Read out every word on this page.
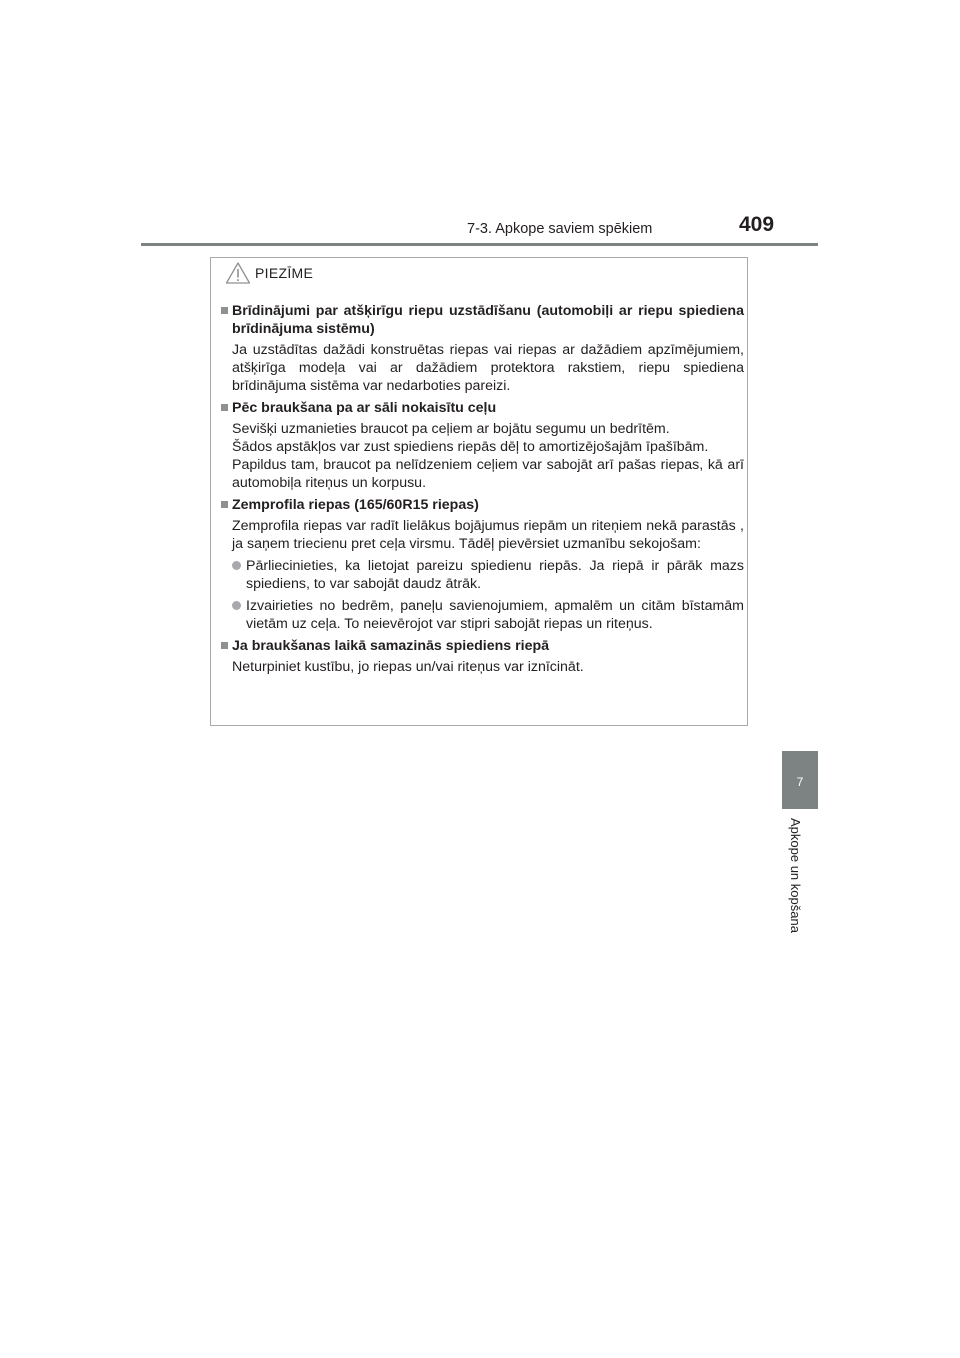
7-3. Apkope saviem spēkiem	409
7
Apkope un kopšana
PIEZĪME
Brīdinājumi par atšķirīgu riepu uzstādīšanu (automobiļi ar riepu spiediena brīdinājuma sistēmu)
Ja uzstādītas dažādi konstruētas riepas vai riepas ar dažādiem apzīmējumiem, atšķirīga modeļa vai ar dažādiem protektora rakstiem, riepu spiediena brīdinājuma sistēma var nedarboties pareizi.
Pēc braukšana pa ar sāli nokaisītu ceļu
Sevišķi uzmanieties braucot pa ceļiem ar bojātu segumu un bedrītēm.
Šādos apstākļos var zust spiediens riepās dēļ to amortizējošajām īpašībām.
Papildus tam, braucot pa nelīdzeniem ceļiem var sabojāt arī pašas riepas, kā arī automobiļa riteņus un korpusu.
Zemprofila riepas (165/60R15 riepas)
Zemprofila riepas var radīt lielākus bojājumus riepām un riteņiem nekā parastās , ja saņem triecienu pret ceļa virsmu. Tādēļ pievērsiet uzmanību sekojošam:
Pārliecinieties, ka lietojat pareizu spiedienu riepās. Ja riepā ir pārāk mazs spiediens, to var sabojāt daudz ātrāk.
Izvairieties no bedrēm, paneļu savienojumiem, apmalēm un citām bīstamām vietām uz ceļa. To neievērojot var stipri sabojāt riepas un riteņus.
Ja braukšanas laikā samazinās spiediens riepā
Neturpiniet kustību, jo riepas un/vai riteņus var iznīcināt.
